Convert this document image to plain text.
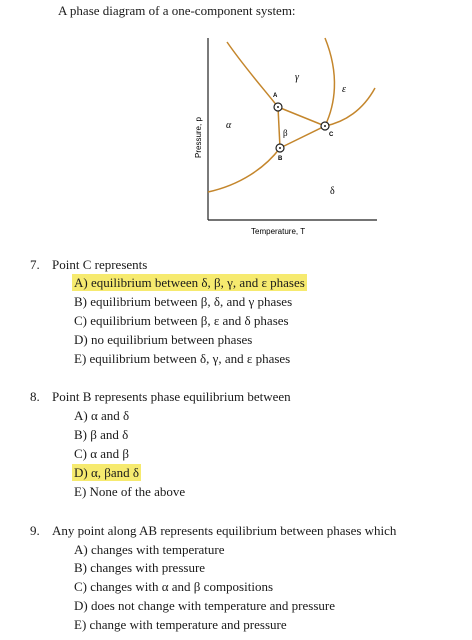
A phase diagram of a one-component system:
A
B
C
α
β
γ
δ
ε
Pressure, p
Temperature, T
7. Point C represents
A) equilibrium between δ, β, γ, and ε phases
B) equilibrium between β, δ, and γ phases
C) equilibrium between β, ε and δ phases
D) no equilibrium between phases
E) equilibrium between δ, γ, and ε phases
8. Point B represents phase equilibrium between
A) α and δ
B) β and δ
C) α and β
D) α, βand δ
E) None of the above
9. Any point along AB represents equilibrium between phases which
A) changes with temperature
B) changes with pressure
C) changes with α and β compositions
D) does not change with temperature and pressure
E) change with temperature and pressure
